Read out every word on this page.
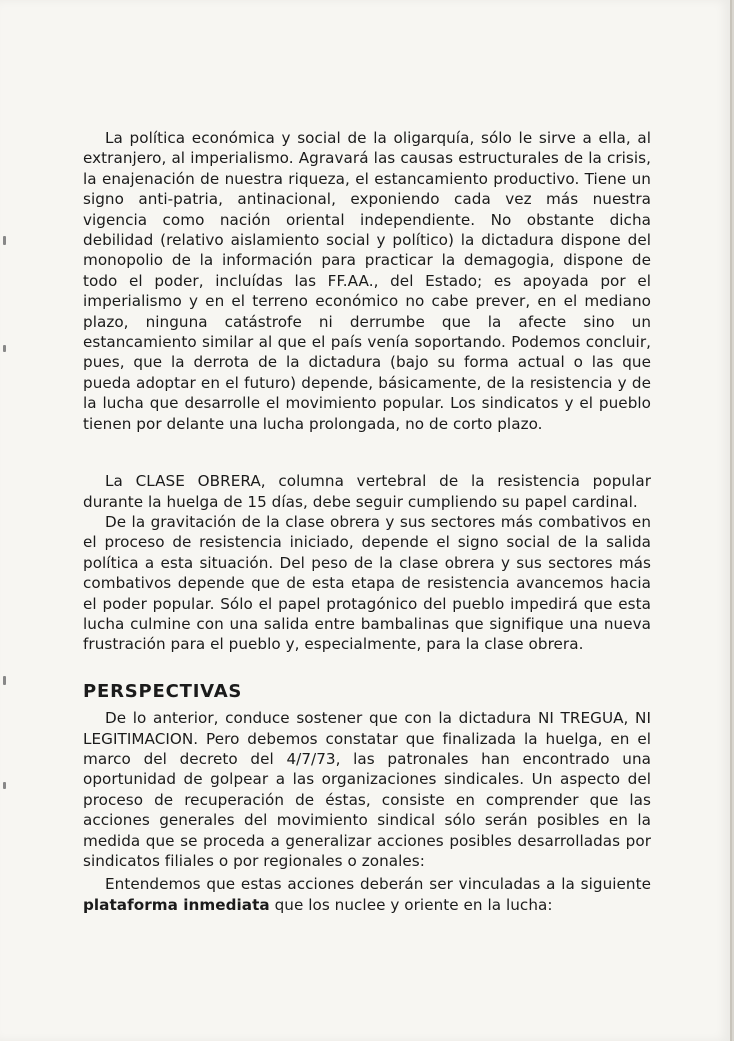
La política económica y social de la oligarquía, sólo le sirve a ella, al extranjero, al imperialismo. Agravará las causas estructurales de la crisis, la enajenación de nuestra riqueza, el estancamiento productivo. Tiene un signo anti-patria, antinacional, exponiendo cada vez más nuestra vigencia como nación oriental independiente. No obstante dicha debilidad (relativo aislamiento social y político) la dictadura dispone del monopolio de la información para practicar la demagogia, dispone de todo el poder, incluídas las FF.AA., del Estado; es apoyada por el imperialismo y en el terreno económico no cabe prever, en el mediano plazo, ninguna catástrofe ni derrumbe que la afecte sino un estancamiento similar al que el país venía soportando. Podemos concluir, pues, que la derrota de la dictadura (bajo su forma actual o las que pueda adoptar en el futuro) depende, básicamente, de la resistencia y de la lucha que desarrolle el movimiento popular. Los sindicatos y el pueblo tienen por delante una lucha prolongada, no de corto plazo.

La CLASE OBRERA, columna vertebral de la resistencia popular durante la huelga de 15 días, debe seguir cumpliendo su papel cardinal.

De la gravitación de la clase obrera y sus sectores más combativos en el proceso de resistencia iniciado, depende el signo social de la salida política a esta situación. Del peso de la clase obrera y sus sectores más combativos depende que de esta etapa de resistencia avancemos hacia el poder popular. Sólo el papel protagónico del pueblo impedirá que esta lucha culmine con una salida entre bambalinas que signifique una nueva frustración para el pueblo y, especialmente, para la clase obrera.

PERSPECTIVAS

De lo anterior, conduce sostener que con la dictadura NI TREGUA, NI LEGITIMACION. Pero debemos constatar que finalizada la huelga, en el marco del decreto del 4/7/73, las patronales han encontrado una oportunidad de golpear a las organizaciones sindicales. Un aspecto del proceso de recuperación de éstas, consiste en comprender que las acciones generales del movimiento sindical sólo serán posibles en la medida que se proceda a generalizar acciones posibles desarrolladas por sindicatos filiales o por regionales o zonales:

Entendemos que estas acciones deberán ser vinculadas a la siguiente plataforma inmediata que los nuclee y oriente en la lucha:
